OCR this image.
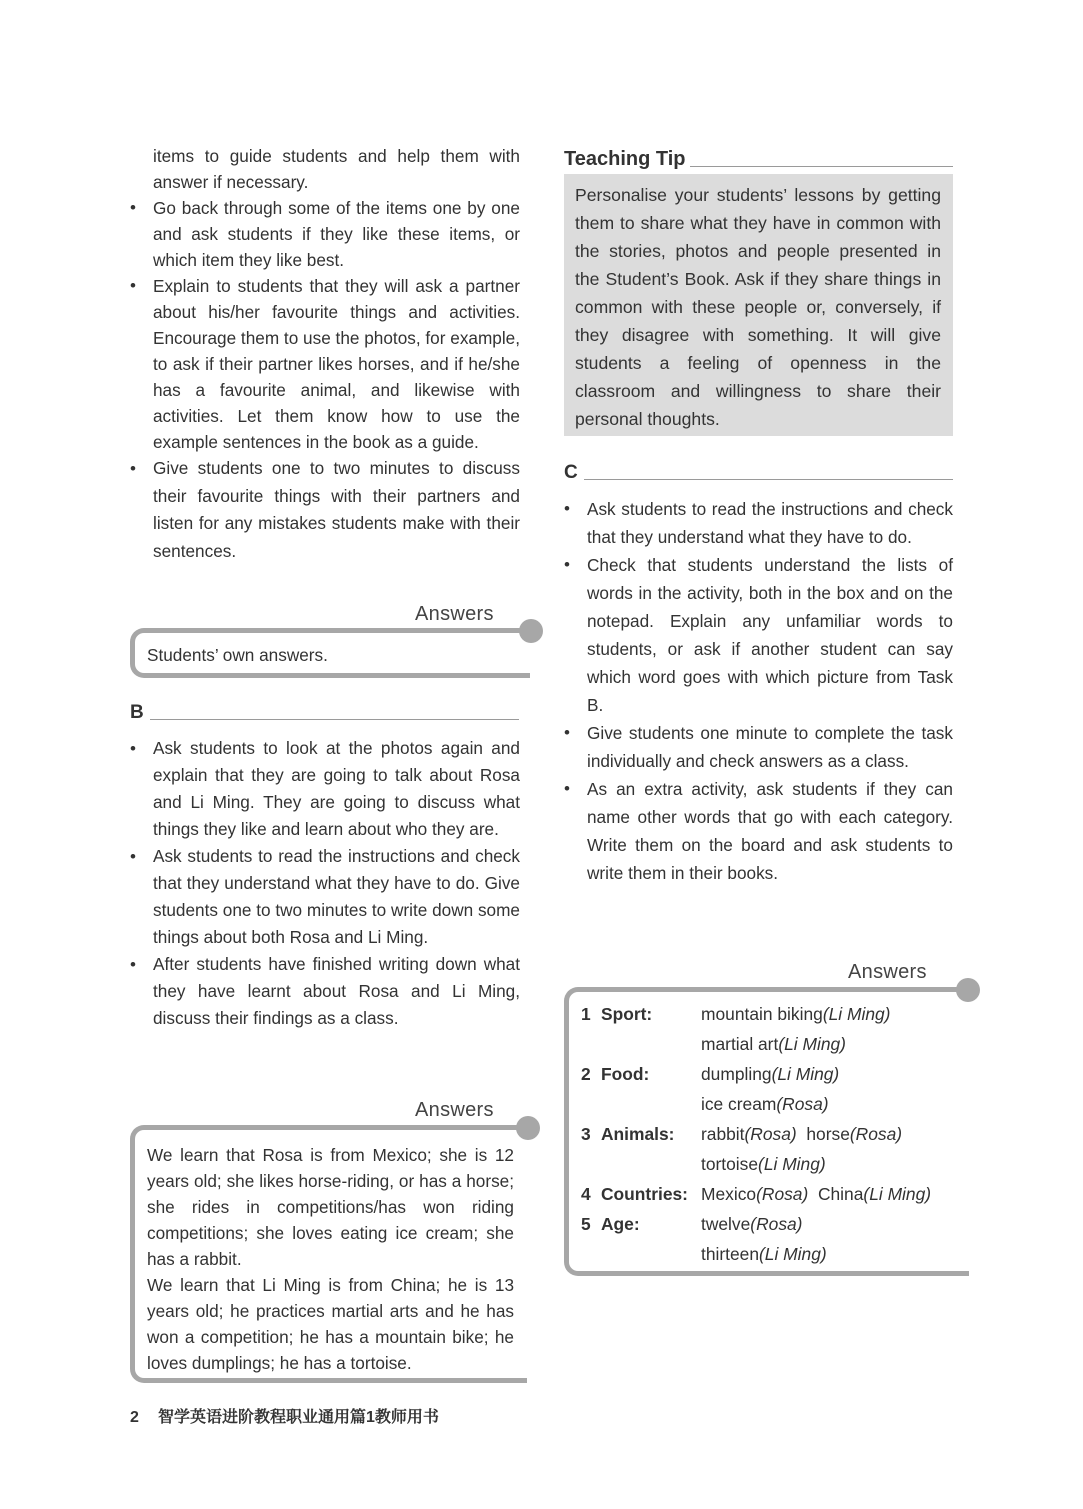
items to guide students and help them with answer if necessary.
• Go back through some of the items one by one and ask students if they like these items, or which item they like best.
• Explain to students that they will ask a partner about his/her favourite things and activities. Encourage them to use the photos, for example, to ask if their partner likes horses, and if he/she has a favourite animal, and likewise with activities. Let them know how to use the example sentences in the book as a guide.
• Give students one to two minutes to discuss their favourite things with their partners and listen for any mistakes students make with their sentences.
Answers
Students’ own answers.
B
• Ask students to look at the photos again and explain that they are going to talk about Rosa and Li Ming. They are going to discuss what things they like and learn about who they are.
• Ask students to read the instructions and check that they understand what they have to do. Give students one to two minutes to write down some things about both Rosa and Li Ming.
• After students have finished writing down what they have learnt about Rosa and Li Ming, discuss their findings as a class.
Answers
We learn that Rosa is from Mexico; she is 12 years old; she likes horse-riding, or has a horse; she rides in competitions/has won riding competitions; she loves eating ice cream; she has a rabbit.
We learn that Li Ming is from China; he is 13 years old; he practices martial arts and he has won a competition; he has a mountain bike; he loves dumplings; he has a tortoise.
Teaching Tip
Personalise your students’ lessons by getting them to share what they have in common with the stories, photos and people presented in the Student’s Book. Ask if they share things in common with these people or, conversely, if they disagree with something. It will give students a feeling of openness in the classroom and willingness to share their personal thoughts.
C
• Ask students to read the instructions and check that they understand what they have to do.
• Check that students understand the lists of words in the activity, both in the box and on the notepad. Explain any unfamiliar words to students, or ask if another student can say which word goes with which picture from Task B.
• Give students one minute to complete the task individually and check answers as a class.
• As an extra activity, ask students if they can name other words that go with each category. Write them on the board and ask students to write them in their books.
Answers
1	Sport:	mountain biking(Li Ming)
		martial art(Li Ming)
2	Food:	dumpling(Li Ming)
		ice cream(Rosa)
3	Animals:	rabbit(Rosa) horse(Rosa)
		tortoise(Li Ming)
4	Countries:	Mexico(Rosa) China(Li Ming)
5	Age:	twelve(Rosa)
		thirteen(Li Ming)
2 智学英语进阶教程职业通用篇1教师用书
